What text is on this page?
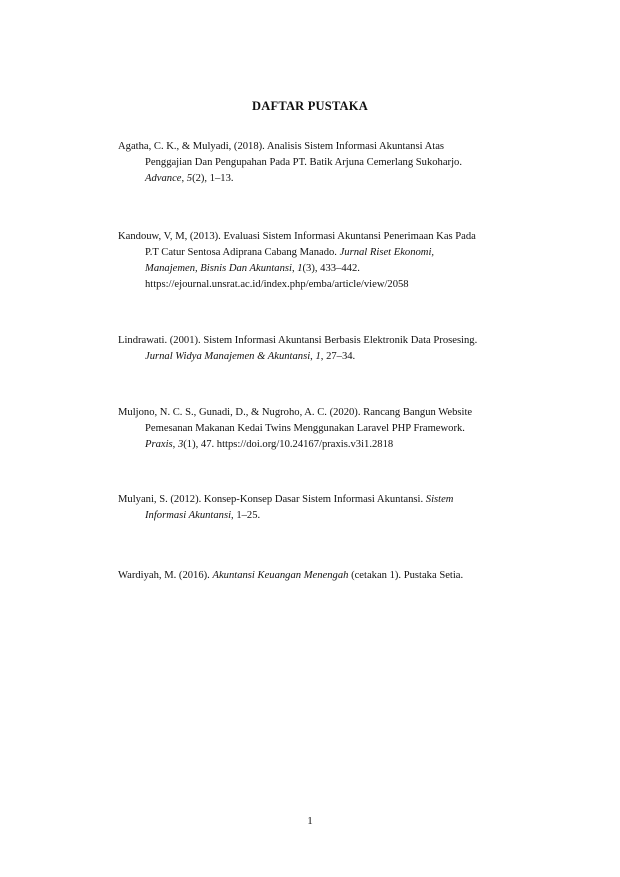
DAFTAR PUSTAKA

Agatha, C. K., & Mulyadi, (2018). Analisis Sistem Informasi Akuntansi Atas
Penggajian Dan Pengupahan Pada PT. Batik Arjuna Cemerlang Sukoharjo.
Advance, 5(2), 1–13.

Kandouw, V, M, (2013). Evaluasi Sistem Informasi Akuntansi Penerimaan Kas Pada
P.T Catur Sentosa Adiprana Cabang Manado. Jurnal Riset Ekonomi,
Manajemen, Bisnis Dan Akuntansi, 1(3), 433–442.
https://ejournal.unsrat.ac.id/index.php/emba/article/view/2058

Lindrawati. (2001). Sistem Informasi Akuntansi Berbasis Elektronik Data Prosesing.
Jurnal Widya Manajemen & Akuntansi, 1, 27–34.

Muljono, N. C. S., Gunadi, D., & Nugroho, A. C. (2020). Rancang Bangun Website
Pemesanan Makanan Kedai Twins Menggunakan Laravel PHP Framework.
Praxis, 3(1), 47. https://doi.org/10.24167/praxis.v3i1.2818

Mulyani, S. (2012). Konsep-Konsep Dasar Sistem Informasi Akuntansi. Sistem
Informasi Akuntansi, 1–25.

Wardiyah, M. (2016). Akuntansi Keuangan Menengah (cetakan 1). Pustaka Setia.

1
